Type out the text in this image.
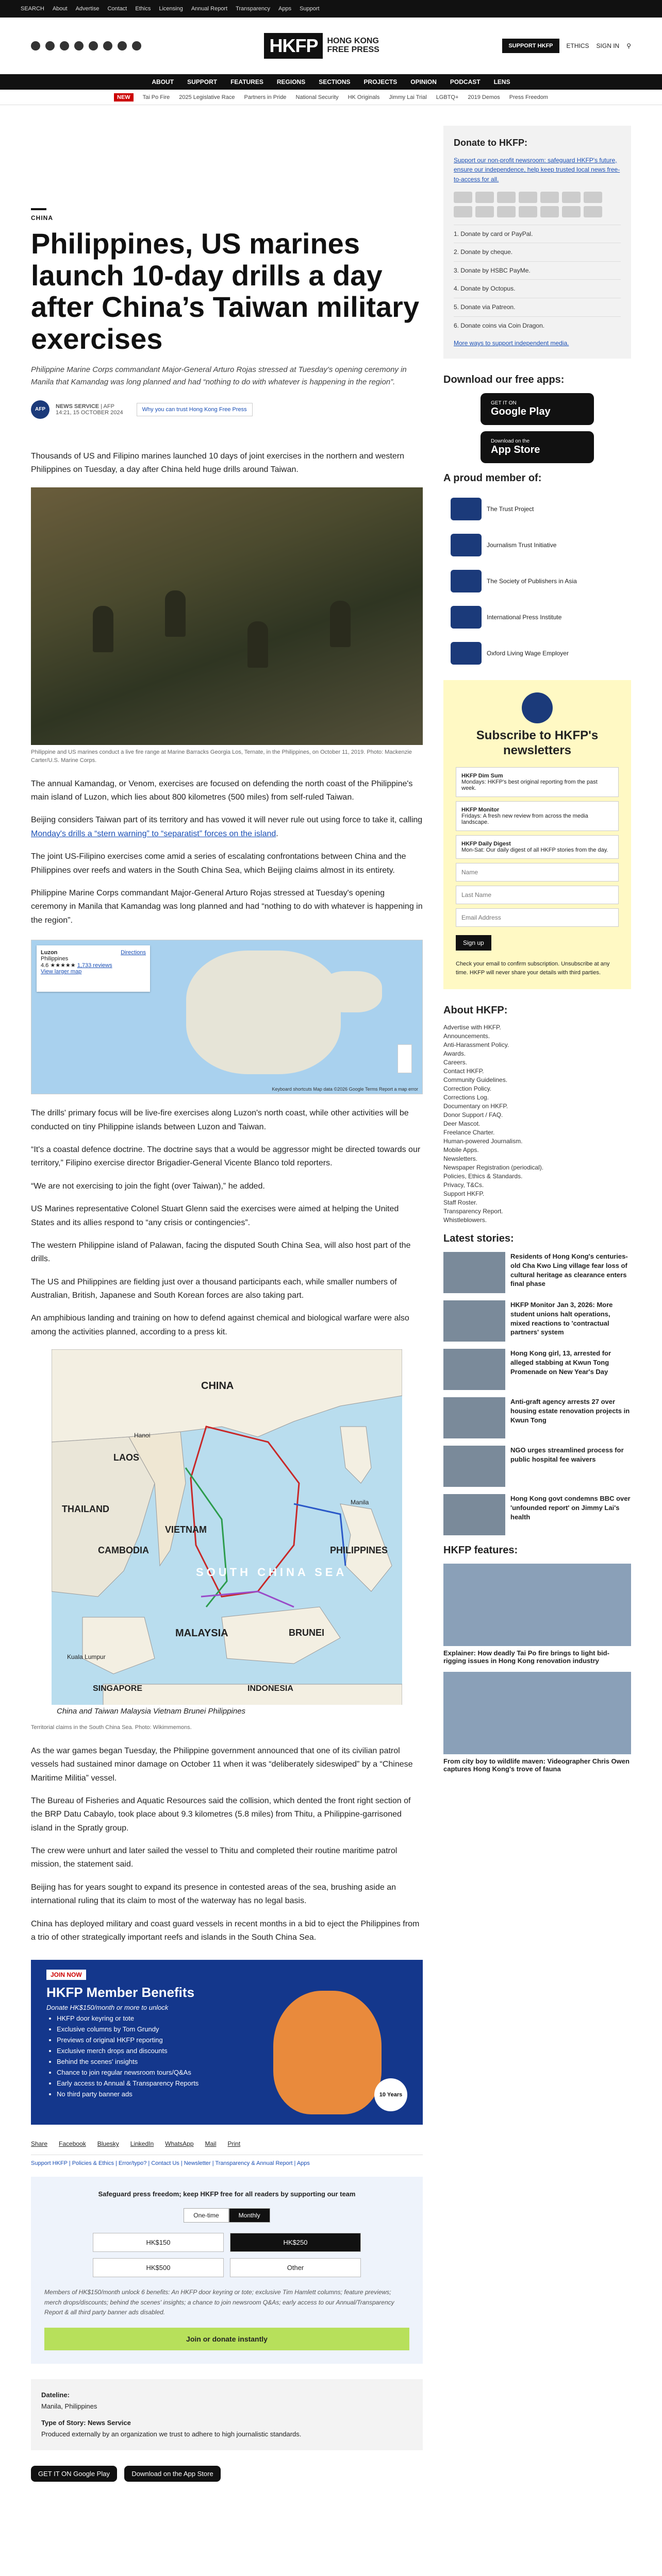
SEARCH About Advertise Contact Ethics Licensing Annual Report Transparency Apps Support
HKFP	HONG KONG
FREE PRESS	SUPPORT HKFP	ETHICS SIGN IN ⚲
ABOUT SUPPORT FEATURES REGIONS SECTIONS PROJECTS OPINION PODCAST LENS
NEW	Tai Po Fire 2025 Legislative Race Partners in Pride National Security HK Originals Jimmy Lai Trial LGBTQ+ 2019 Demos Press Freedom
CHINA
Philippines, US marines launch 10-day drills a day after China’s Taiwan military exercises
Philippine Marine Corps commandant Major-General Arturo Rojas stressed at Tuesday's opening ceremony in Manila that Kamandag was long planned and had “nothing to do with whatever is happening in the region”.
AFP	NEWS SERVICE | AFP
14:21, 15 OCTOBER 2024	Why you can trust Hong Kong Free Press

Thousands of US and Filipino marines launched 10 days of joint exercises in the northern and western Philippines on Tuesday, a day after China held huge drills around Taiwan.

Philippine and US marines conduct a live fire range at Marine Barracks Georgia Los, Ternate, in the Philippines, on October 11, 2019. Photo: Mackenzie Carter/U.S. Marine Corps.

The annual Kamandag, or Venom, exercises are focused on defending the north coast of the Philippine's main island of Luzon, which lies about 800 kilometres (500 miles) from self-ruled Taiwan.

Beijing considers Taiwan part of its territory and has vowed it will never rule out using force to take it, calling Monday's drills a “stern warning” to “separatist” forces on the island.

The joint US-Filipino exercises come amid a series of escalating confrontations between China and the Philippines over reefs and waters in the South China Sea, which Beijing claims almost in its entirety.

Philippine Marine Corps commandant Major-General Arturo Rojas stressed at Tuesday's opening ceremony in Manila that Kamandag was long planned and had “nothing to do with whatever is happening in the region”.

Luzon
Philippines
4.6 ★★★★★ 1,733 reviews
View larger map
Directions
Keyboard shortcuts Map data ©2026 Google Terms Report a map error

The drills' primary focus will be live-fire exercises along Luzon's north coast, while other activities will be conducted on tiny Philippine islands between Luzon and Taiwan.

“It's a coastal defence doctrine. The doctrine says that a would be aggressor might be directed towards our territory,” Filipino exercise director Brigadier-General Vicente Blanco told reporters.

“We are not exercising to join the fight (over Taiwan),” he added.

US Marines representative Colonel Stuart Glenn said the exercises were aimed at helping the United States and its allies respond to “any crisis or contingencies”.

The western Philippine island of Palawan, facing the disputed South China Sea, will also host part of the drills.

The US and Philippines are fielding just over a thousand participants each, while smaller numbers of Australian, British, Japanese and South Korean forces are also taking part.

An amphibious landing and training on how to defend against chemical and biological warfare were also among the activities planned, according to a press kit.

CHINA
LAOS
THAILAND
CAMBODIA
VIETNAM
PHILIPPINES
SOUTH CHINA SEA
MALAYSIA	BRUNEI
SINGAPORE	INDONESIA
Kuala Lumpur
Hanoi
Manila
China and Taiwan Malaysia Vietnam Brunei Philippines
Territorial claims in the South China Sea. Photo: Wikimmemons.

As the war games began Tuesday, the Philippine government announced that one of its civilian patrol vessels had sustained minor damage on October 11 when it was “deliberately sideswiped” by a “Chinese Maritime Militia” vessel.

The Bureau of Fisheries and Aquatic Resources said the collision, which dented the front right section of the BRP Datu Cabaylo, took place about 9.3 kilometres (5.8 miles) from Thitu, a Philippine-garrisoned island in the Spratly group.

The crew were unhurt and later sailed the vessel to Thitu and completed their routine maritime patrol mission, the statement said.

Beijing has for years sought to expand its presence in contested areas of the sea, brushing aside an international ruling that its claim to most of the waterway has no legal basis.

China has deployed military and coast guard vessels in recent months in a bid to eject the Philippines from a trio of other strategically important reefs and islands in the South China Sea.

JOIN NOW
HKFP Member Benefits
Donate HK$150/month or more to unlock
• HKFP door keyring or tote
• Exclusive columns by Tom Grundy
• Previews of original HKFP reporting
• Exclusive merch drops and discounts
• Behind the scenes' insights
• Chance to join regular newsroom tours/Q&As
• Early access to Annual & Transparency Reports
• No third party banner ads	10 Years
Share Facebook Bluesky LinkedIn WhatsApp Mail Print
Support HKFP | Policies & Ethics | Error/typo? | Contact Us | Newsletter | Transparency & Annual Report | Apps
Safeguard press freedom; keep HKFP free for all readers by supporting our team
One-time	Monthly
HK$150	HK$250
HK$500	Other
Members of HK$150/month unlock 6 benefits: An HKFP door keyring or tote; exclusive Tim Hamlett columns; feature previews; merch drops/discounts; behind the scenes' insights; a chance to join newsroom Q&As; early access to our Annual/Transparency Report & all third party banner ads disabled.
Join or donate instantly
Dateline:
Manila, Philippines
Type of Story: News Service
Produced externally by an organization we trust to adhere to high journalistic standards.
GET IT ON Google Play	Download on the App Store
Donate to HKFP:
Support our non-profit newsroom: safeguard HKFP's future, ensure our independence, help keep trusted local news free-to-access for all.
1. Donate by card or PayPal.
2. Donate by cheque.
3. Donate by HSBC PayMe.
4. Donate by Octopus.
5. Donate via Patreon.
6. Donate coins via Coin Dragon.
More ways to support independent media.
Download our free apps:
GET IT ON
Google Play
Download on the
App Store
A proud member of:
The Trust Project
Journalism Trust Initiative
The Society of Publishers in Asia
International Press Institute
Oxford Living Wage Employer
Subscribe to HKFP's newsletters
HKFP Dim Sum
Mondays: HKFP's best original reporting from the past week.
HKFP Monitor
Fridays: A fresh new review from across the media landscape.
HKFP Daily Digest
Mon-Sat: Our daily digest of all HKFP stories from the day.
Name
Last Name
Email Address Sign up
Check your email to confirm subscription. Unsubscribe at any time. HKFP will never share your details with third parties.
About HKFP:
Advertise with HKFP.
Announcements.
Anti-Harassment Policy.
Awards.
Careers.
Contact HKFP.
Community Guidelines.
Correction Policy.
Corrections Log.
Documentary on HKFP.
Donor Support / FAQ.
Deer Mascot.
Freelance Charter.
Human-powered Journalism.
Mobile Apps.
Newsletters.
Newspaper Registration (periodical).
Policies, Ethics & Standards.
Privacy, T&Cs.
Support HKFP.
Staff Roster.
Transparency Report.
Whistleblowers.
Latest stories:
Residents of Hong Kong's centuries-old Cha Kwo Ling village fear loss of cultural heritage as clearance enters final phase
HKFP Monitor Jan 3, 2026: More student unions halt operations, mixed reactions to 'contractual partners' system
Hong Kong girl, 13, arrested for alleged stabbing at Kwun Tong Promenade on New Year's Day
Anti-graft agency arrests 27 over housing estate renovation projects in Kwun Tong
NGO urges streamlined process for public hospital fee waivers
Hong Kong govt condemns BBC over 'unfounded report' on Jimmy Lai's health
HKFP features:
Explainer: How deadly Tai Po fire brings to light bid-rigging issues in Hong Kong renovation industry
From city boy to wildlife maven: Videographer Chris Owen captures Hong Kong's trove of fauna
